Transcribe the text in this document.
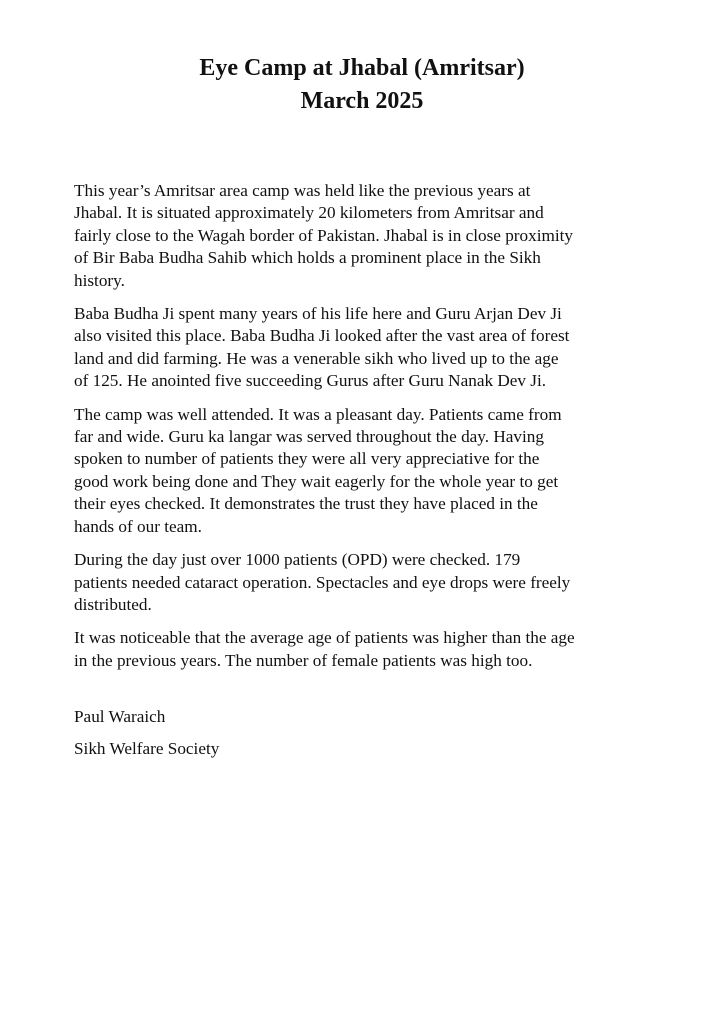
Eye Camp at Jhabal (Amritsar)
March 2025

This year’s Amritsar area camp was held like the previous years at
Jhabal. It is situated approximately 20 kilometers from Amritsar and
fairly close to the Wagah border of Pakistan. Jhabal is in close proximity
of Bir Baba Budha Sahib which holds a prominent place in the Sikh
history.

Baba Budha Ji spent many years of his life here and Guru Arjan Dev Ji
also visited this place. Baba Budha Ji looked after the vast area of forest
land and did farming. He was a venerable sikh who lived up to the age
of 125. He anointed five succeeding Gurus after Guru Nanak Dev Ji.

The camp was well attended. It was a pleasant day. Patients came from
far and wide. Guru ka langar was served throughout the day. Having
spoken to number of patients they were all very appreciative for the
good work being done and They wait eagerly for the whole year to get
their eyes checked. It demonstrates the trust they have placed in the
hands of our team.

During the day just over 1000 patients (OPD) were checked. 179
patients needed cataract operation. Spectacles and eye drops were freely
distributed.

It was noticeable that the average age of patients was higher than the age
in the previous years. The number of female patients was high too.

Paul Waraich

Sikh Welfare Society
